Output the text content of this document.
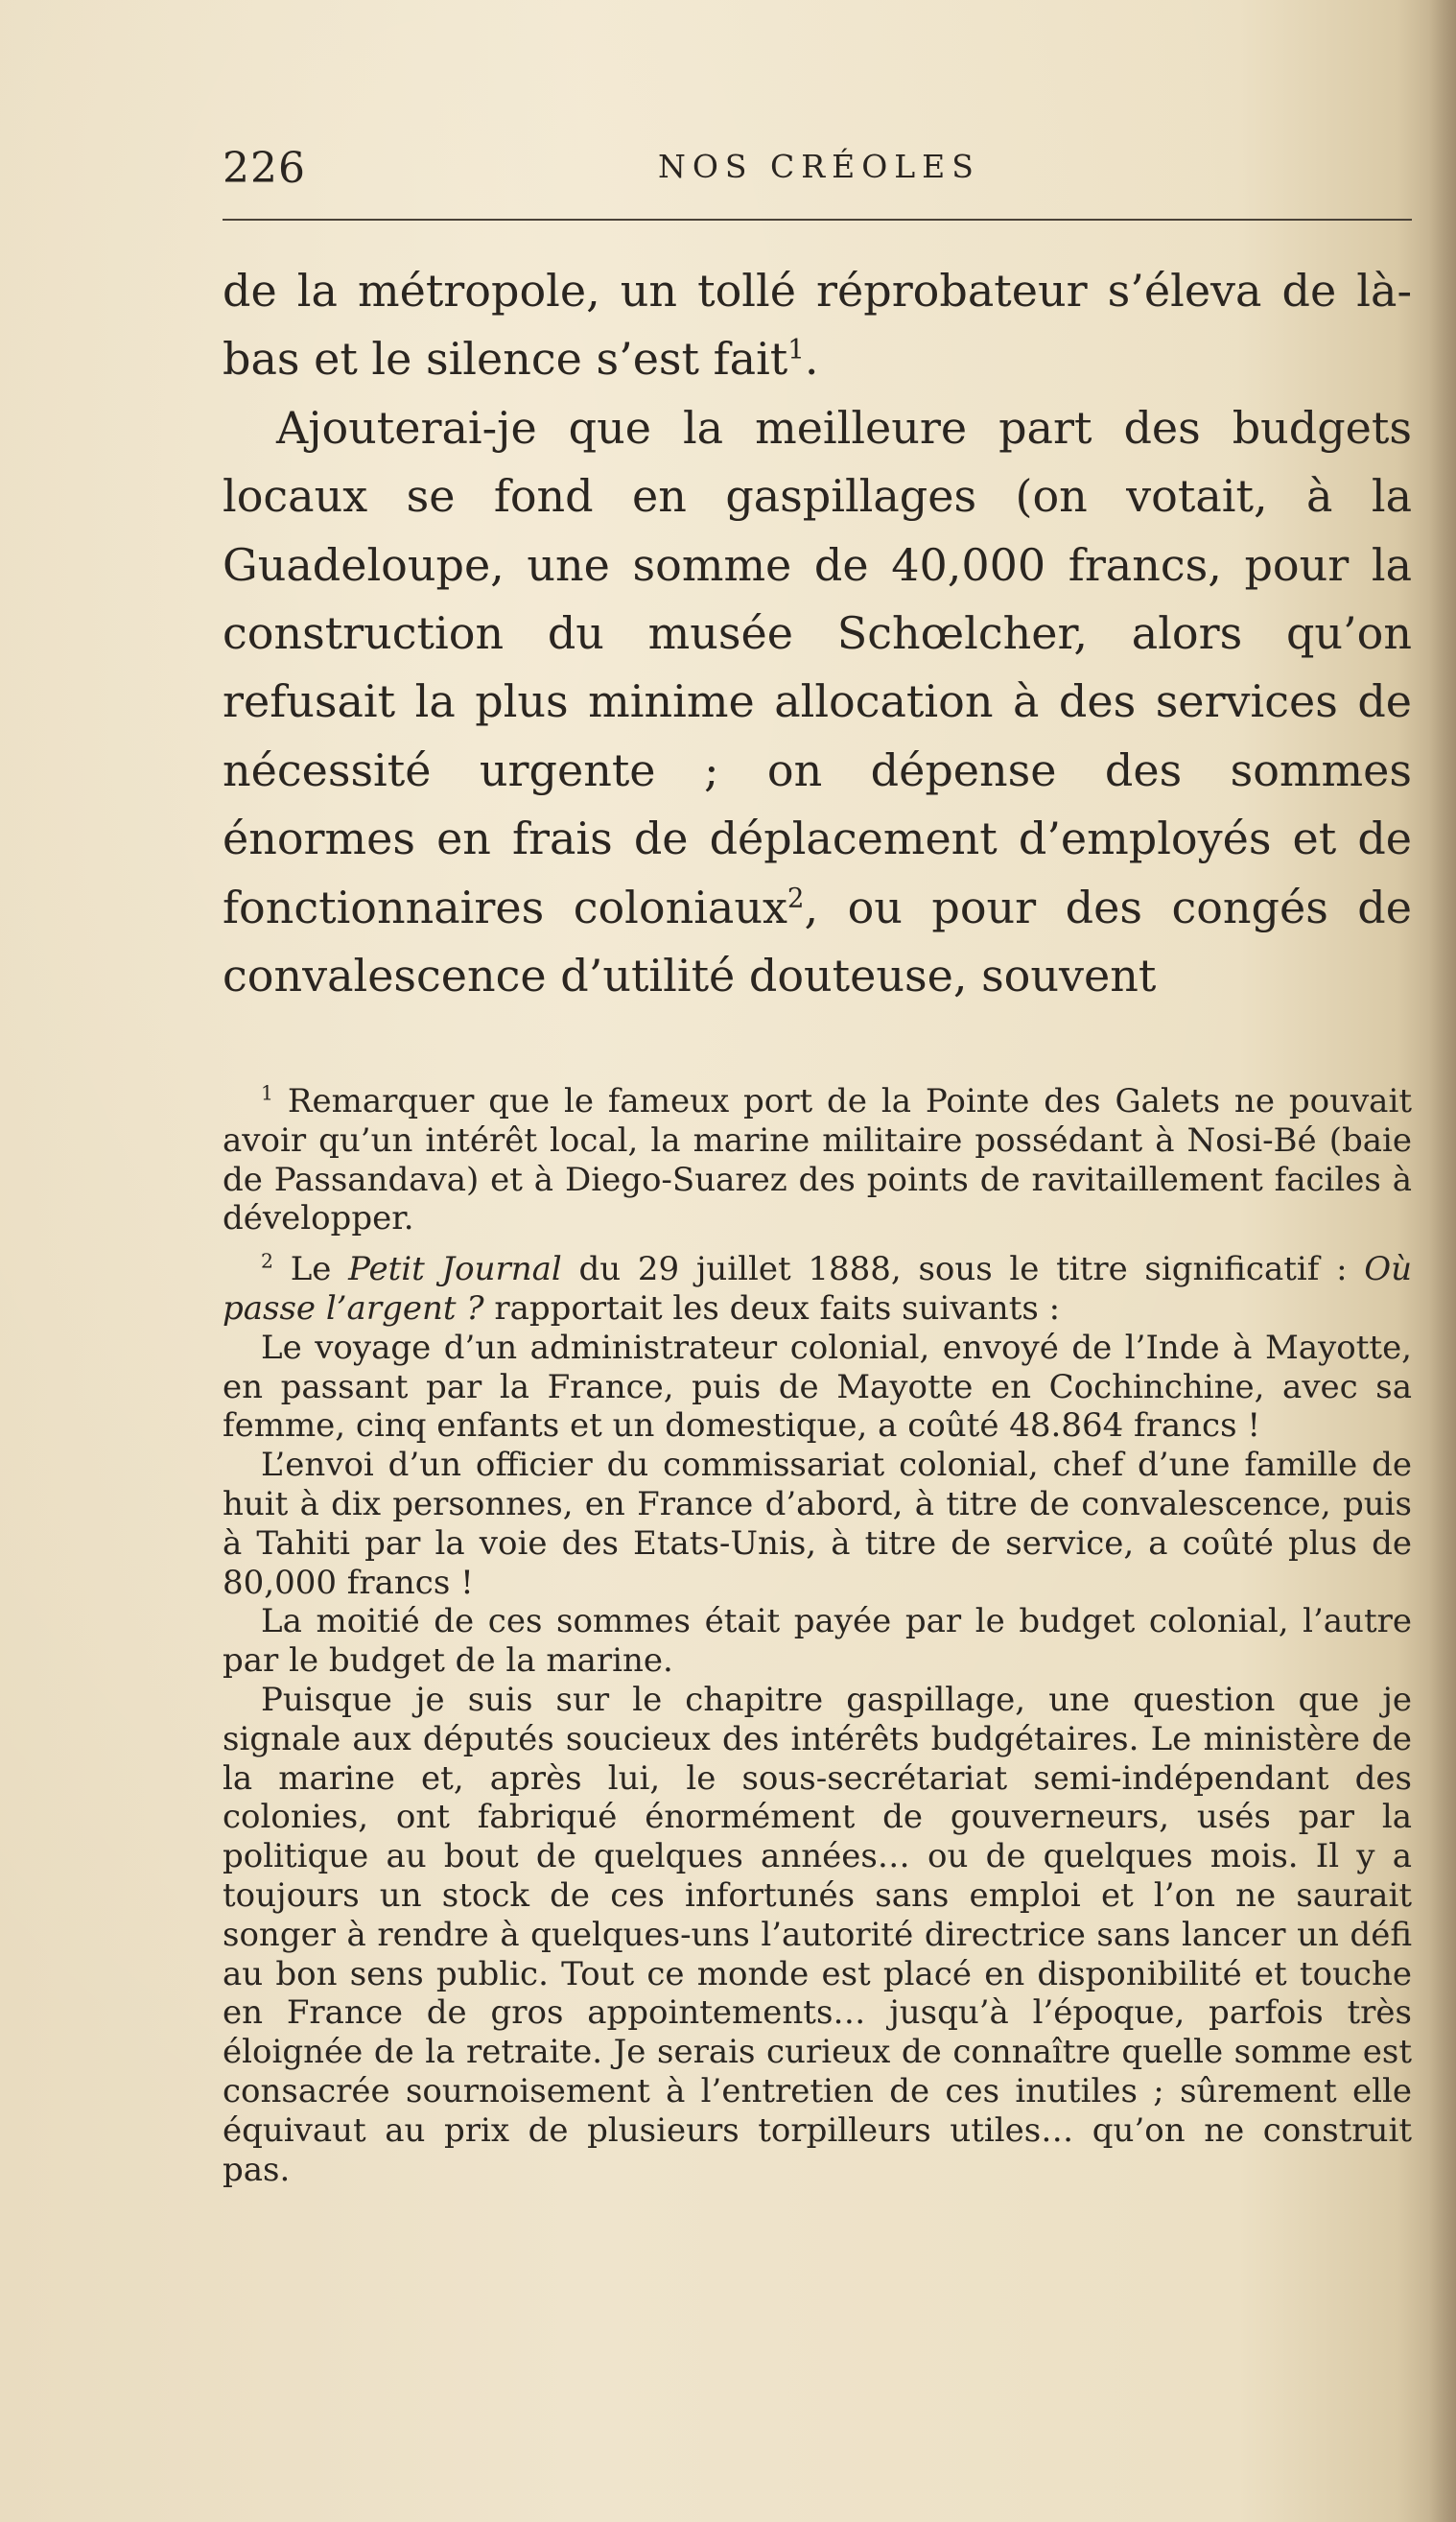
226	NOS CRÉOLES

de la métropole, un tollé réprobateur s’éleva de là-bas et le silence s’est fait$^1$.

Ajouterai-je que la meilleure part des budgets locaux se fond en gaspillages (on votait, à la Guadeloupe, une somme de 40,000 francs, pour la construction du musée Schœlcher, alors qu’on refusait la plus minime allocation à des services de nécessité urgente ; on dépense des sommes énormes en frais de déplacement d’employés et de fonctionnaires coloniaux$^2$, ou pour des congés de convalescence d’utilité douteuse, souvent

$^1$ Remarquer que le fameux port de la Pointe des Galets ne pouvait avoir qu’un intérêt local, la marine militaire possédant à Nosi-Bé (baie de Passandava) et à Diego-Suarez des points de ravitaillement faciles à développer.

$^2$ Le Petit Journal du 29 juillet 1888, sous le titre significatif : Où passe l’argent ? rapportait les deux faits suivants :

Le voyage d’un administrateur colonial, envoyé de l’Inde à Mayotte, en passant par la France, puis de Mayotte en Cochinchine, avec sa femme, cinq enfants et un domestique, a coûté 48.864 francs !

L’envoi d’un officier du commissariat colonial, chef d’une famille de huit à dix personnes, en France d’abord, à titre de convalescence, puis à Tahiti par la voie des Etats-Unis, à titre de service, a coûté plus de 80,000 francs !

La moitié de ces sommes était payée par le budget colonial, l’autre par le budget de la marine.

Puisque je suis sur le chapitre gaspillage, une question que je signale aux députés soucieux des intérêts budgétaires. Le ministère de la marine et, après lui, le sous-secrétariat semi-indépendant des colonies, ont fabriqué énormément de gouverneurs, usés par la politique au bout de quelques années… ou de quelques mois. Il y a toujours un stock de ces infortunés sans emploi et l’on ne saurait songer à rendre à quelques-uns l’autorité directrice sans lancer un défi au bon sens public. Tout ce monde est placé en disponibilité et touche en France de gros appointements… jusqu’à l’époque, parfois très éloignée de la retraite. Je serais curieux de connaître quelle somme est consacrée sournoisement à l’entretien de ces inutiles ; sûrement elle équivaut au prix de plusieurs torpilleurs utiles… qu’on ne construit pas.
